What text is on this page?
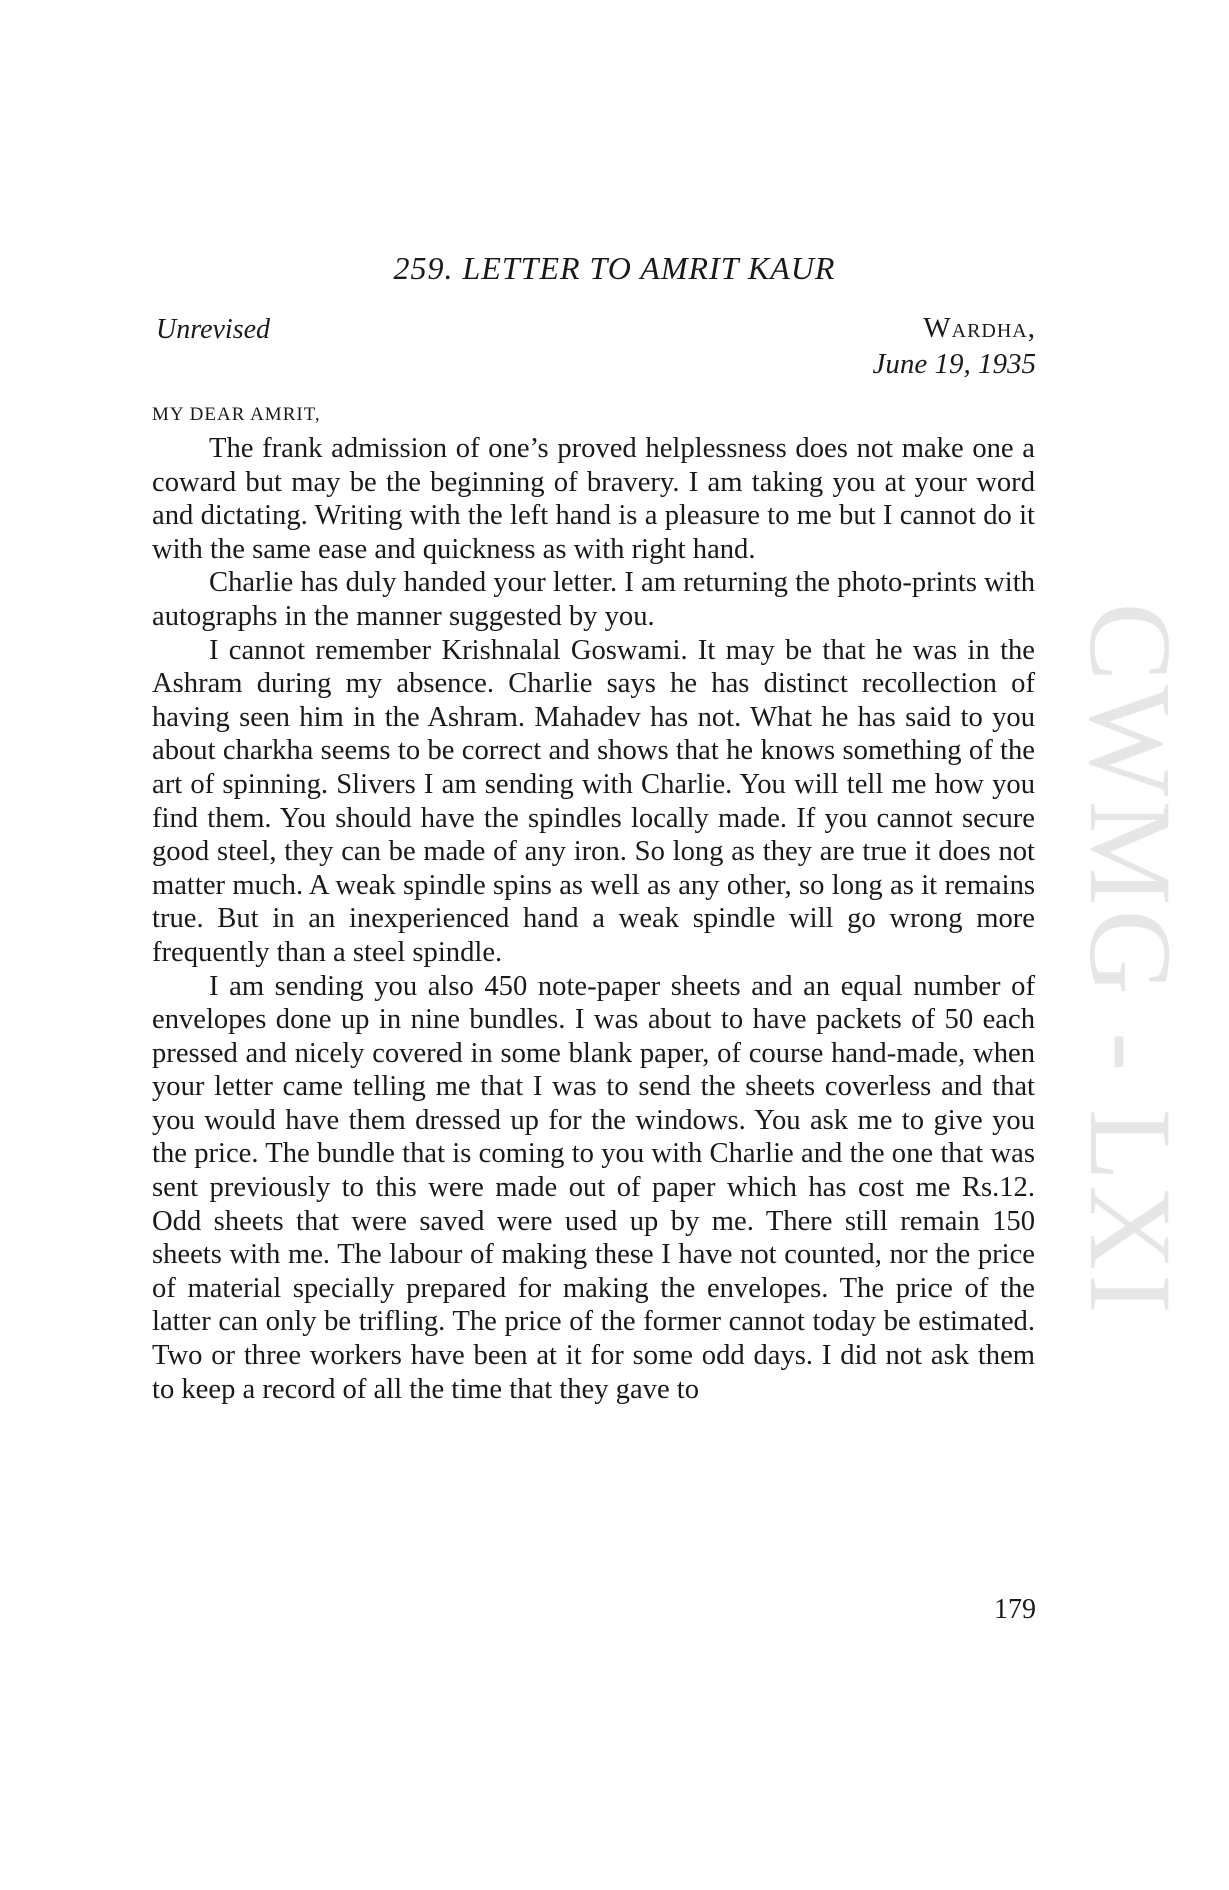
259. LETTER TO AMRIT KAUR
Unrevised	Wardha,
June 19, 1935
MY DEAR AMRIT,

The frank admission of one’s proved helplessness does not make one a coward but may be the beginning of bravery. I am taking you at your word and dictating. Writing with the left hand is a pleasure to me but I cannot do it with the same ease and quickness as with right hand.

Charlie has duly handed your letter. I am returning the photo-prints with autographs in the manner suggested by you.

I cannot remember Krishnalal Goswami. It may be that he was in the Ashram during my absence. Charlie says he has distinct recollection of having seen him in the Ashram. Mahadev has not. What he has said to you about charkha seems to be correct and shows that he knows something of the art of spinning. Slivers I am sending with Charlie. You will tell me how you find them. You should have the spindles locally made. If you cannot secure good steel, they can be made of any iron. So long as they are true it does not matter much. A weak spindle spins as well as any other, so long as it remains true. But in an inexperienced hand a weak spindle will go wrong more frequently than a steel spindle.

I am sending you also 450 note-paper sheets and an equal number of envelopes done up in nine bundles. I was about to have packets of 50 each pressed and nicely covered in some blank paper, of course hand-made, when your letter came telling me that I was to send the sheets coverless and that you would have them dressed up for the windows. You ask me to give you the price. The bundle that is coming to you with Charlie and the one that was sent previously to this were made out of paper which has cost me Rs.12. Odd sheets that were saved were used up by me. There still remain 150 sheets with me. The labour of making these I have not counted, nor the price of material specially prepared for making the envelopes. The price of the latter can only be trifling. The price of the former cannot today be estimated. Two or three workers have been at it for some odd days. I did not ask them to keep a record of all the time that they gave to

179
CWMG - LXI
